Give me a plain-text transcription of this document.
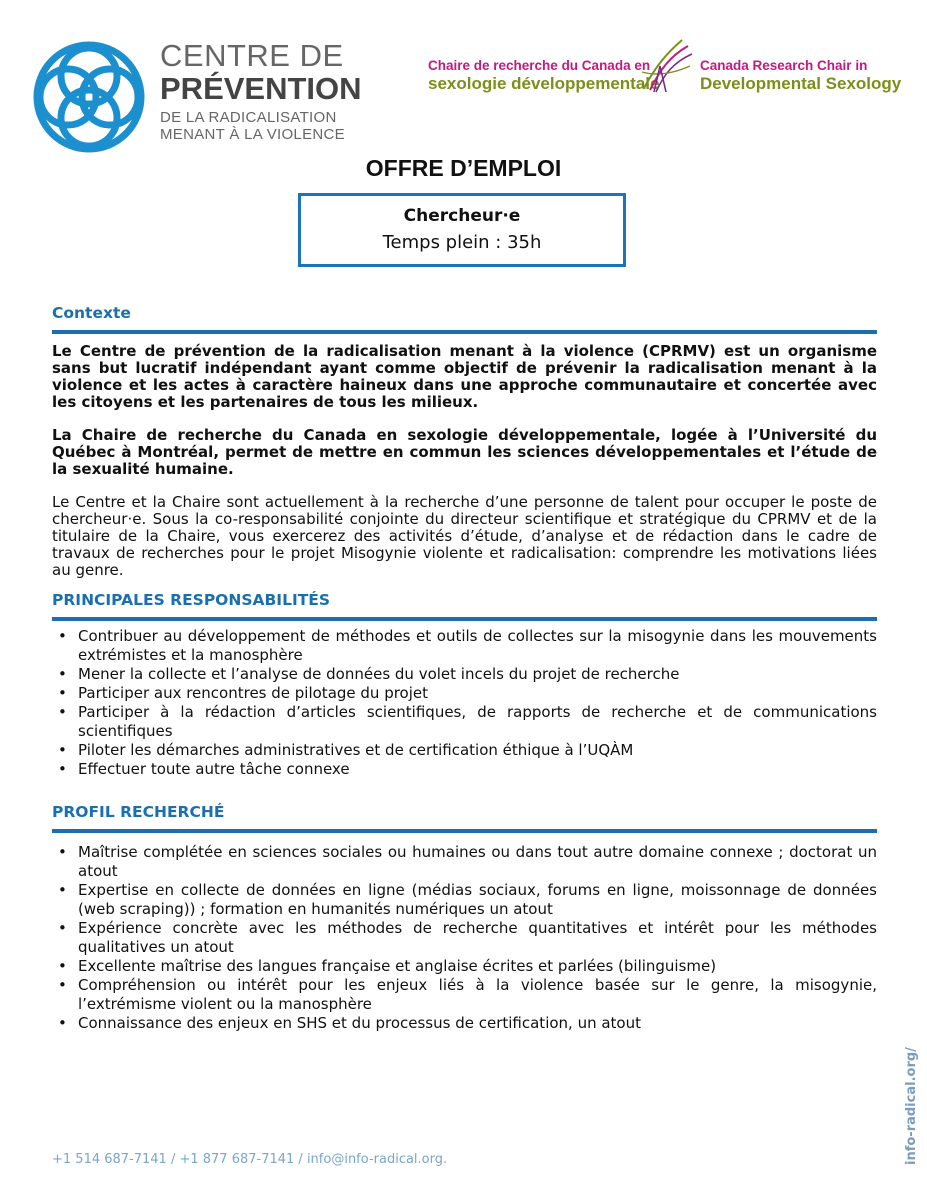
CENTRE DE
PRÉVENTION
DE LA RADICALISATION
MENANT À LA VIOLENCE
Chaire de recherche du Canada en
sexologie développementale
Canada Research Chair in
Developmental Sexology
OFFRE D’EMPLOI
Chercheur·e
Temps plein : 35h
Contexte

Le Centre de prévention de la radicalisation menant à la violence (CPRMV) est un organisme sans but lucratif indépendant ayant comme objectif de prévenir la radicalisation menant à la violence et les actes à caractère haineux dans une approche communautaire et concertée avec les citoyens et les partenaires de tous les milieux.

La Chaire de recherche du Canada en sexologie développementale, logée à l’Université du Québec à Montréal, permet de mettre en commun les sciences développementales et l’étude de la sexualité humaine.

Le Centre et la Chaire sont actuellement à la recherche d’une personne de talent pour occuper le poste de chercheur·e. Sous la co-responsabilité conjointe du directeur scientifique et stratégique du CPRMV et de la titulaire de la Chaire, vous exercerez des activités d’étude, d’analyse et de rédaction dans le cadre de travaux de recherches pour le projet Misogynie violente et radicalisation: comprendre les motivations liées au genre.

PRINCIPALES RESPONSABILITÉS
• Contribuer au développement de méthodes et outils de collectes sur la misogynie dans les mouvements extrémistes et la manosphère
• Mener la collecte et l’analyse de données du volet incels du projet de recherche
• Participer aux rencontres de pilotage du projet
• Participer à la rédaction d’articles scientifiques, de rapports de recherche et de communications scientifiques
• Piloter les démarches administratives et de certification éthique à l’UQÀM
• Effectuer toute autre tâche connexe
PROFIL RECHERCHÉ
• Maîtrise complétée en sciences sociales ou humaines ou dans tout autre domaine connexe ; doctorat un atout
• Expertise en collecte de données en ligne (médias sociaux, forums en ligne, moissonnage de données (web scraping)) ; formation en humanités numériques un atout
• Expérience concrète avec les méthodes de recherche quantitatives et intérêt pour les méthodes qualitatives un atout
• Excellente maîtrise des langues française et anglaise écrites et parlées (bilinguisme)
• Compréhension ou intérêt pour les enjeux liés à la violence basée sur le genre, la misogynie, l’extrémisme violent ou la manosphère
• Connaissance des enjeux en SHS et du processus de certification, un atout
+1 514 687-7141 / +1 877 687-7141 / info@info-radical.org.	info-radical.org/
